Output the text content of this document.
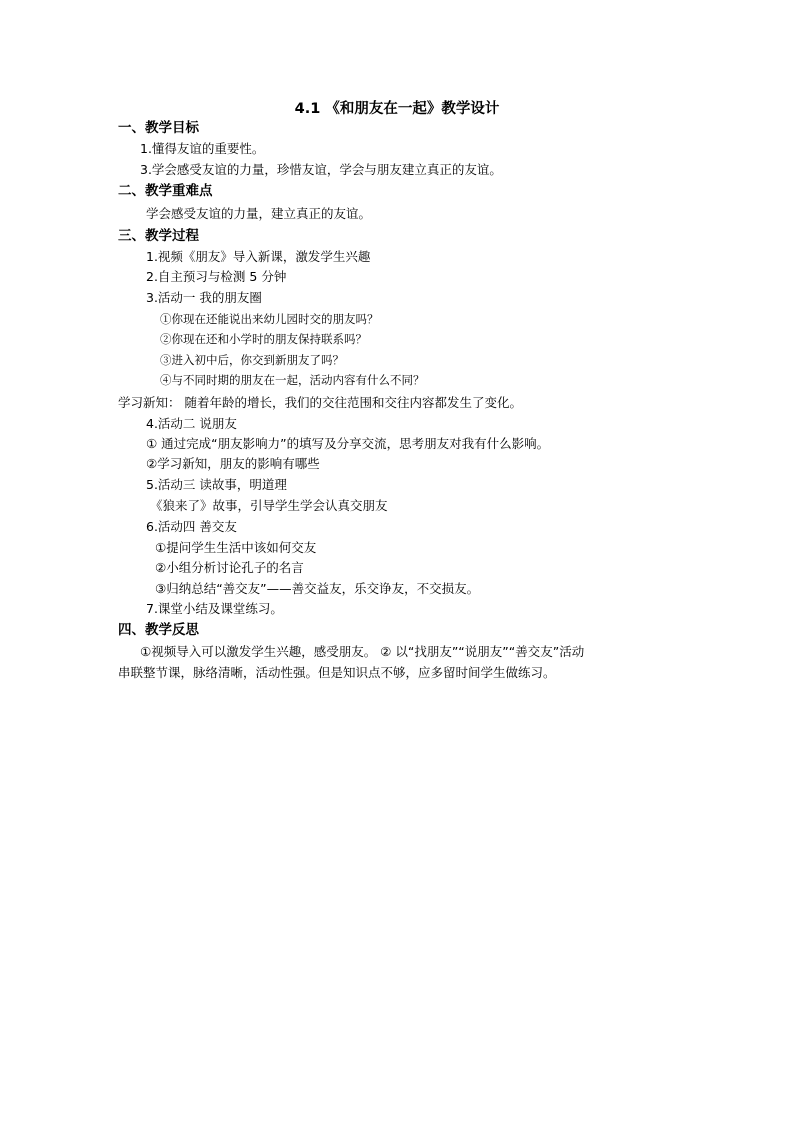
4.1 《和朋友在一起》教学设计
一、教学目标
1.懂得友谊的重要性。
3.学会感受友谊的力量，珍惜友谊，学会与朋友建立真正的友谊。
二、教学重难点
学会感受友谊的力量，建立真正的友谊。
三、教学过程
1.视频《朋友》导入新课，激发学生兴趣
2.自主预习与检测 5 分钟
3.活动一 我的朋友圈
①你现在还能说出来幼儿园时交的朋友吗？
②你现在还和小学时的朋友保持联系吗？
③进入初中后，你交到新朋友了吗？
④与不同时期的朋友在一起，活动内容有什么不同？
学习新知： 随着年龄的增长，我们的交往范围和交往内容都发生了变化。
4.活动二 说朋友
① 通过完成“朋友影响力”的填写及分享交流，思考朋友对我有什么影响。
②学习新知，朋友的影响有哪些
5.活动三 读故事，明道理
《狼来了》故事，引导学生学会认真交朋友
6.活动四 善交友
①提问学生生活中该如何交友
②小组分析讨论孔子的名言
③归纳总结“善交友”——善交益友，乐交诤友，不交损友。
7.课堂小结及课堂练习。
四、教学反思
①视频导入可以激发学生兴趣，感受朋友。 ② 以“找朋友”“说朋友”“善交友”活动
串联整节课，脉络清晰，活动性强。但是知识点不够，应多留时间学生做练习。
